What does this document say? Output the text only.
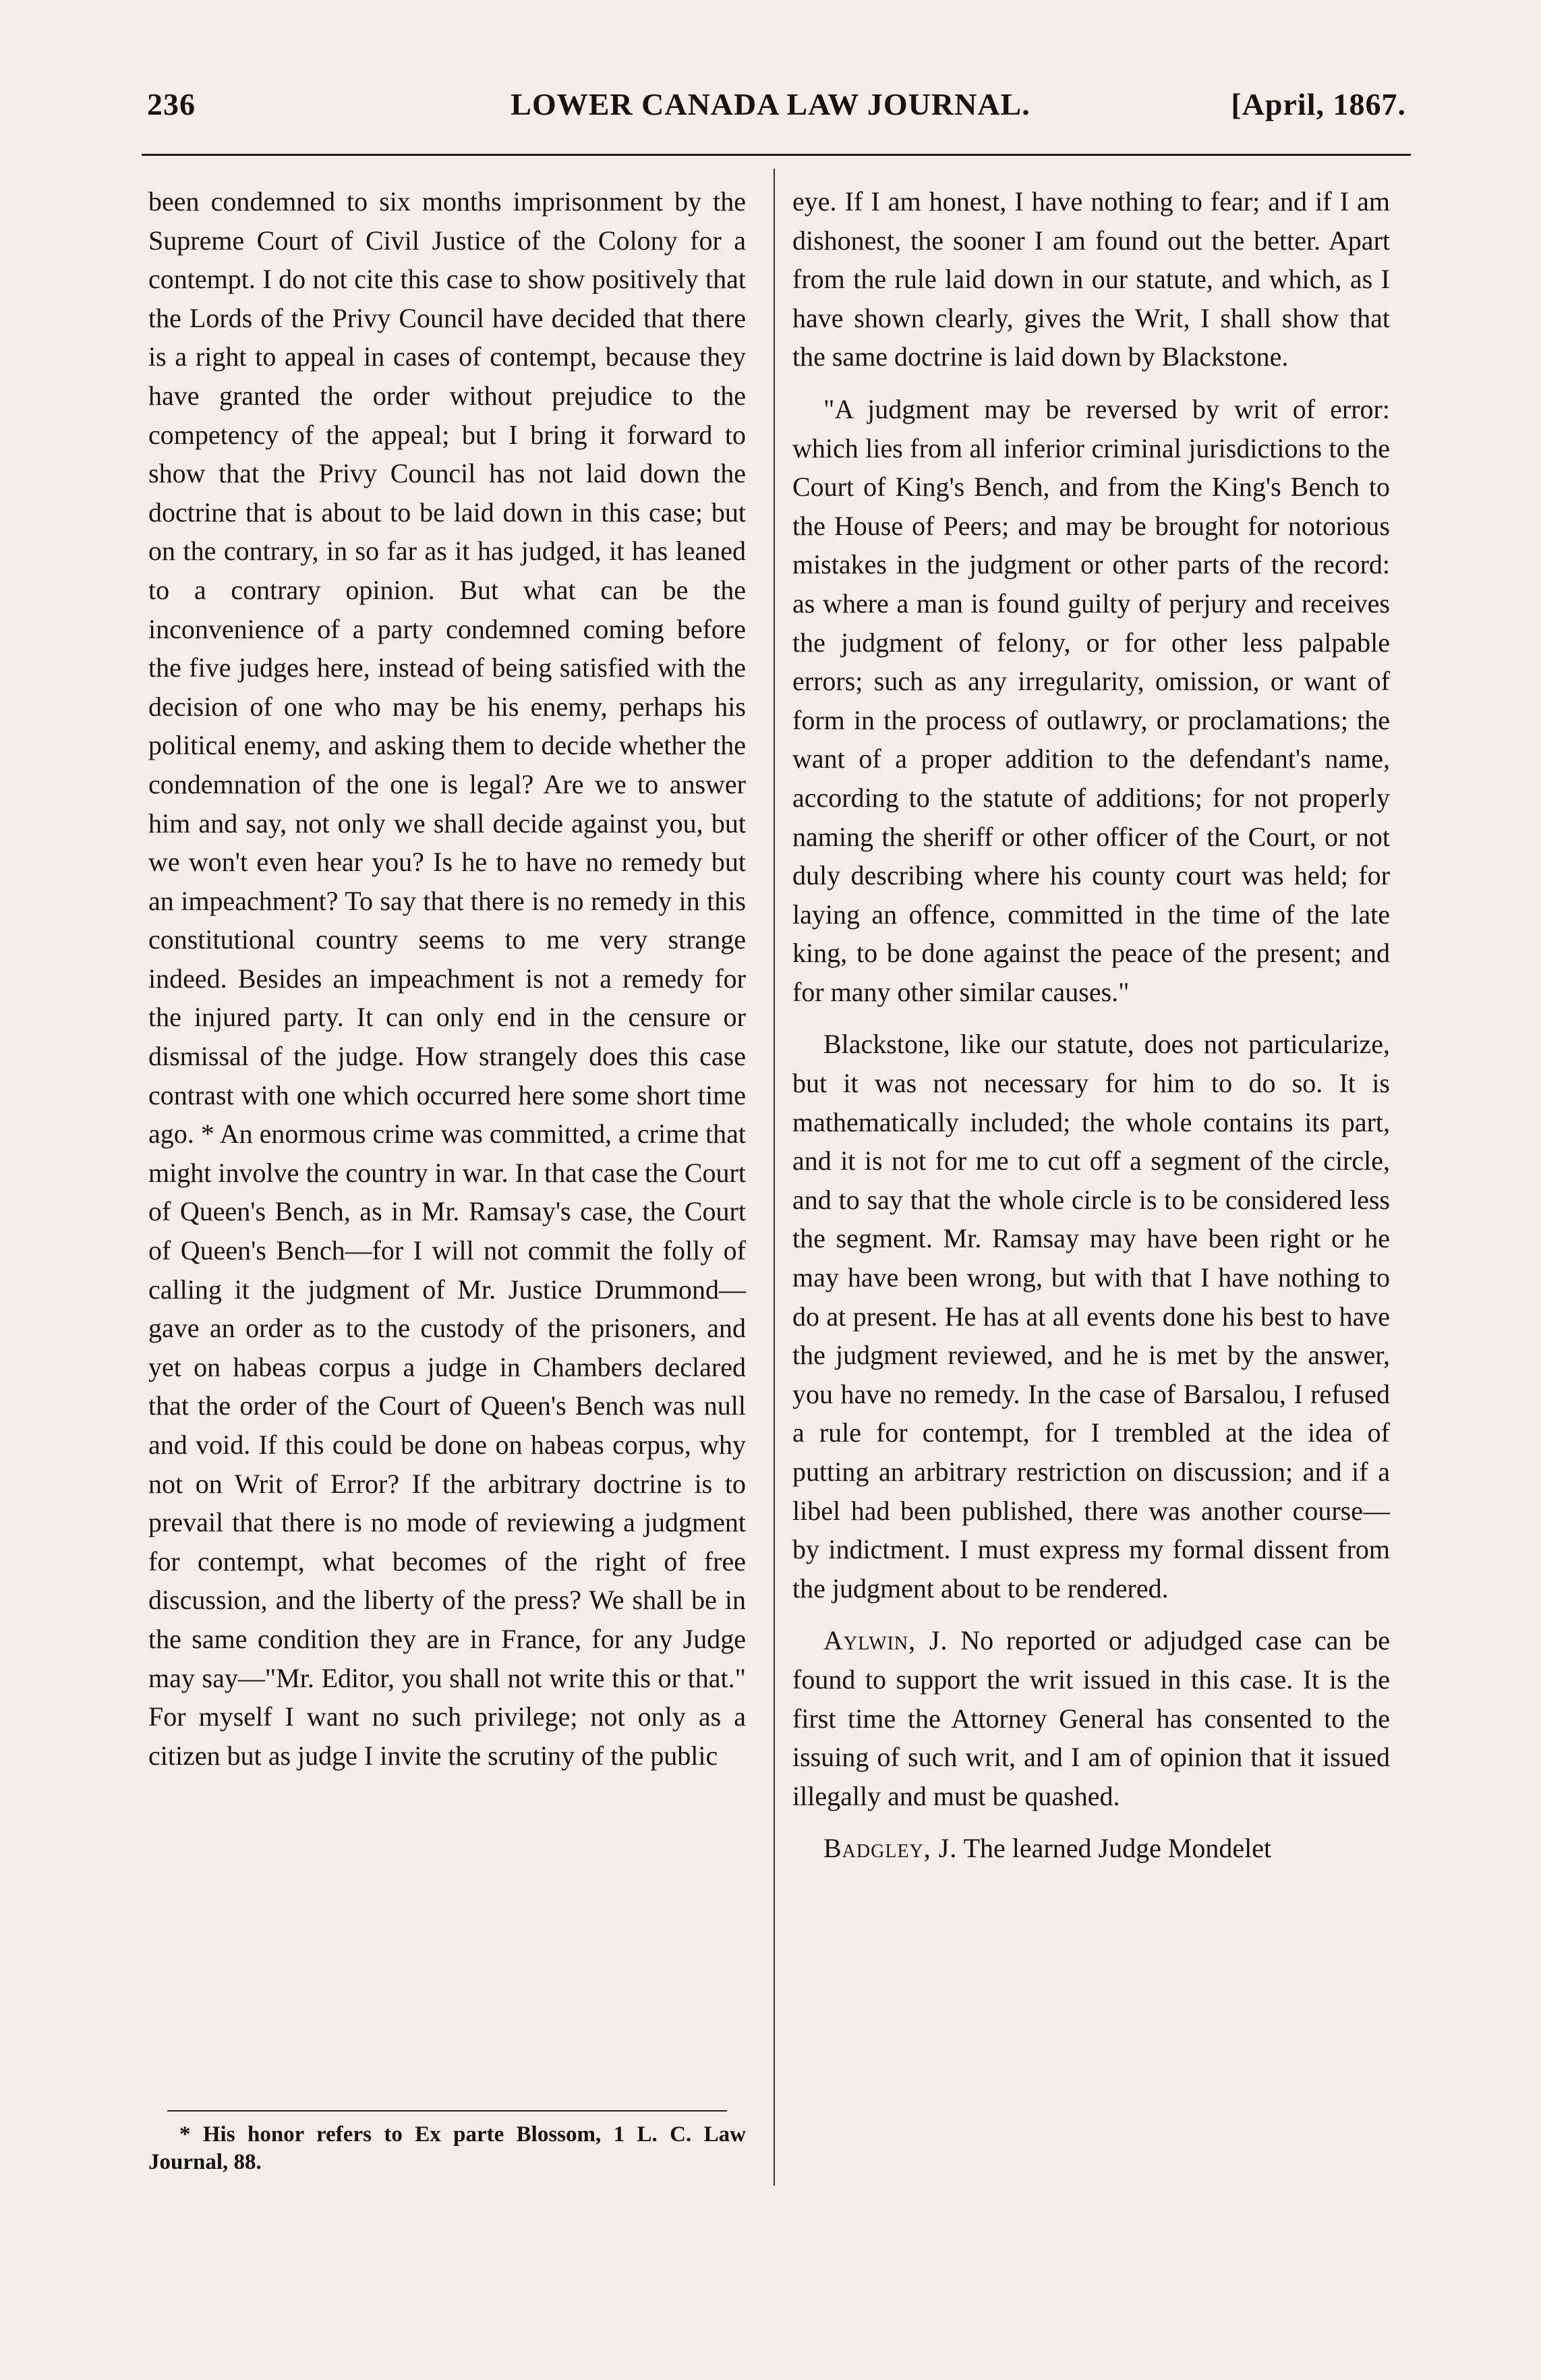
236	LOWER CANADA LAW JOURNAL.	[April, 1867.

been condemned to six months imprisonment by the Supreme Court of Civil Justice of the Colony for a contempt. I do not cite this case to show positively that the Lords of the Privy Council have decided that there is a right to appeal in cases of contempt, because they have granted the order without prejudice to the competency of the appeal; but I bring it forward to show that the Privy Council has not laid down the doctrine that is about to be laid down in this case; but on the contrary, in so far as it has judged, it has leaned to a contrary opinion. But what can be the inconvenience of a party condemned coming before the five judges here, instead of being satisfied with the decision of one who may be his enemy, perhaps his political enemy, and asking them to decide whether the condemnation of the one is legal? Are we to answer him and say, not only we shall decide against you, but we won't even hear you? Is he to have no remedy but an impeachment? To say that there is no remedy in this constitutional country seems to me very strange indeed. Besides an impeachment is not a remedy for the injured party. It can only end in the censure or dismissal of the judge. How strangely does this case contrast with one which occurred here some short time ago. * An enormous crime was committed, a crime that might involve the country in war. In that case the Court of Queen's Bench, as in Mr. Ramsay's case, the Court of Queen's Bench—for I will not commit the folly of calling it the judgment of Mr. Justice Drummond—gave an order as to the custody of the prisoners, and yet on habeas corpus a judge in Chambers declared that the order of the Court of Queen's Bench was null and void. If this could be done on habeas corpus, why not on Writ of Error? If the arbitrary doctrine is to prevail that there is no mode of reviewing a judgment for contempt, what becomes of the right of free discussion, and the liberty of the press? We shall be in the same condition they are in France, for any Judge may say—"Mr. Editor, you shall not write this or that." For myself I want no such privilege; not only as a citizen but as judge I invite the scrutiny of the public

* His honor refers to Ex parte Blossom, 1 L. C. Law Journal, 88.

eye. If I am honest, I have nothing to fear; and if I am dishonest, the sooner I am found out the better. Apart from the rule laid down in our statute, and which, as I have shown clearly, gives the Writ, I shall show that the same doctrine is laid down by Blackstone.

"A judgment may be reversed by writ of error: which lies from all inferior criminal jurisdictions to the Court of King's Bench, and from the King's Bench to the House of Peers; and may be brought for notorious mistakes in the judgment or other parts of the record: as where a man is found guilty of perjury and receives the judgment of felony, or for other less palpable errors; such as any irregularity, omission, or want of form in the process of outlawry, or proclamations; the want of a proper addition to the defendant's name, according to the statute of additions; for not properly naming the sheriff or other officer of the Court, or not duly describing where his county court was held; for laying an offence, committed in the time of the late king, to be done against the peace of the present; and for many other similar causes."

Blackstone, like our statute, does not particularize, but it was not necessary for him to do so. It is mathematically included; the whole contains its part, and it is not for me to cut off a segment of the circle, and to say that the whole circle is to be considered less the segment. Mr. Ramsay may have been right or he may have been wrong, but with that I have nothing to do at present. He has at all events done his best to have the judgment reviewed, and he is met by the answer, you have no remedy. In the case of Barsalou, I refused a rule for contempt, for I trembled at the idea of putting an arbitrary restriction on discussion; and if a libel had been published, there was another course—by indictment. I must express my formal dissent from the judgment about to be rendered.

Aylwin, J. No reported or adjudged case can be found to support the writ issued in this case. It is the first time the Attorney General has consented to the issuing of such writ, and I am of opinion that it issued illegally and must be quashed.

Badgley, J. The learned Judge Mondelet
